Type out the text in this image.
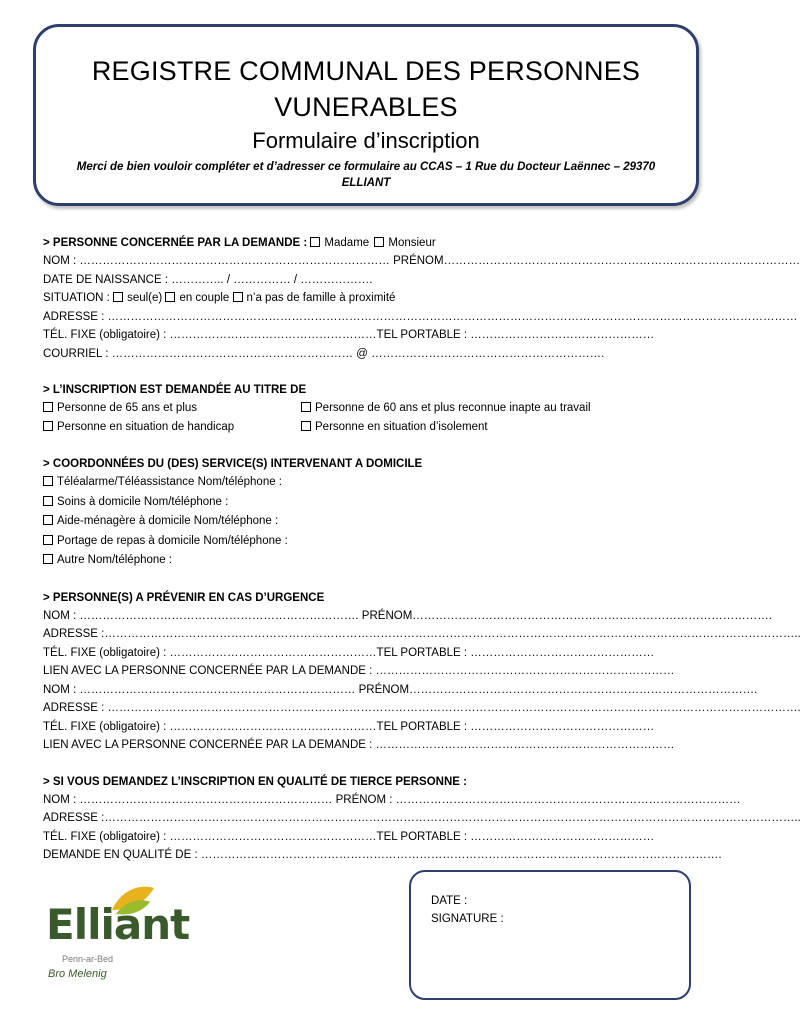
REGISTRE COMMUNAL DES PERSONNES
VUNERABLES
Formulaire d’inscription
Merci de bien vouloir compléter et d’adresser ce formulaire au CCAS – 1 Rue du Docteur Laënnec – 29370
ELLIANT
> PERSONNE CONCERNÉE PAR LA DEMANDE : Madame Monsieur
NOM : ……………………………………………………………………… PRÉNOM…………………………………………………………………………………
DATE DE NAISSANCE : ………….. / …………… / ……………….
SITUATION : seul(e) en couple n’a pas de famille à proximité
ADRESSE : ………………………………………………………………………………………………………………………………………………………………
TÉL. FIXE (obligatoire) : ………………………………………………TEL PORTABLE : …………………………………………
COURRIEL : ……………………………………………………… @ …………………………………………………….
> L’INSCRIPTION EST DEMANDÉE AU TITRE DE
Personne de 65 ans et plus	Personne de 60 ans et plus reconnue inapte au travail
Personne en situation de handicap	Personne en situation d’isolement
> COORDONNÉES DU (DES) SERVICE(S) INTERVENANT A DOMICILE
Téléalarme/Téléassistance Nom/téléphone :
Soins à domicile Nom/téléphone :
Aide-ménagère à domicile Nom/téléphone :
Portage de repas à domicile Nom/téléphone :
Autre Nom/téléphone :
> PERSONNE(S) A PRÉVENIR EN CAS D’URGENCE
NOM : ………………………………………………………………. PRÉNOM………………………………………………………………………………….
ADRESSE :………………………………………………………………………………………………………………………………………………………………..
TÉL. FIXE (obligatoire) : ………………………………………………TEL PORTABLE : …………………………………………
LIEN AVEC LA PERSONNE CONCERNÉE PAR LA DEMANDE : ……………………………………………………………………
NOM : ……………………………………………………………… PRÉNOM……………………………………………………………………………….
ADRESSE : ……………………………………………………………………………………………………………………………………………………………….
TÉL. FIXE (obligatoire) : ………………………………………………TEL PORTABLE : …………………………………………
LIEN AVEC LA PERSONNE CONCERNÉE PAR LA DEMANDE : ……………………………………………………………………
> SI VOUS DEMANDEZ L’INSCRIPTION EN QUALITÉ DE TIERCE PERSONNE :
NOM : ………………………………………………………… PRÉNOM : ………………………………………………………………………………
ADRESSE :………………………………………………………………………………………………………………………………………………………………..
TÉL. FIXE (obligatoire) : ………………………………………………TEL PORTABLE : …………………………………………
DEMANDE EN QUALITÉ DE : ……………………………………………………………………………………………………………………….
Elliant
Penn-ar-Bed
Bro Melenig
DATE :
SIGNATURE :
